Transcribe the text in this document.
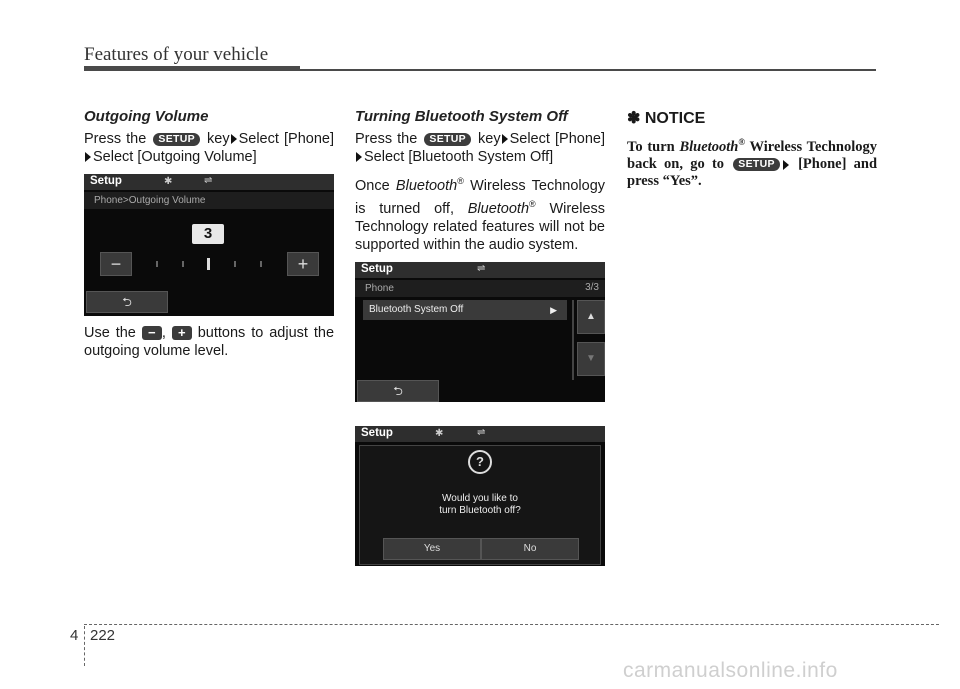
Features of your vehicle
Outgoing Volume

Press the SETUP key Select [Phone]Select [Outgoing Volume]

Setup	✱	⇌
Phone>Outgoing Volume
3
−	+
⮌

Use the − , + buttons to adjust the outgoing volume level.

Turning Bluetooth System Off

Press the SETUP key Select [Phone]Select [Bluetooth System Off]

Once Bluetooth® Wireless Technology is turned off, Bluetooth® Wireless Technology related features will not be supported within the audio system.

Setup	⇌
Phone	3/3
Bluetooth System Off	▶
▲
▼
⮌
Setup	✱	⇌
?
Would you like to
turn Bluetooth off?
Yes	No
✽ NOTICE

To turn Bluetooth® Wireless Technology back on, go to SETUP [Phone] and press “Yes”.

4 222
carmanualsonline.info
